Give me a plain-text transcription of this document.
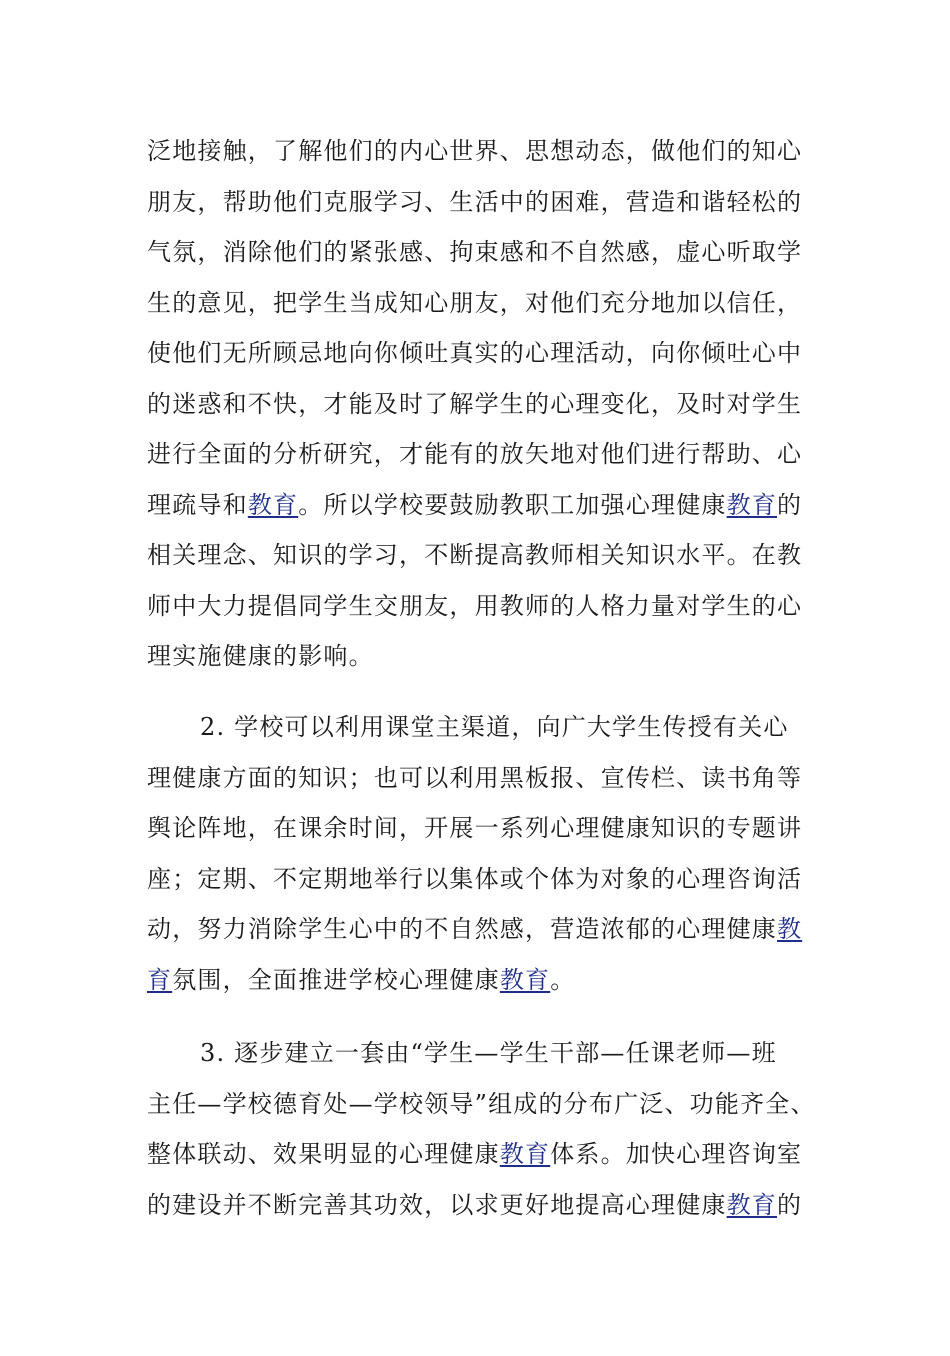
泛地接触，了解他们的内心世界、思想动态，做他们的知心
朋友，帮助他们克服学习、生活中的困难，营造和谐轻松的
气氛，消除他们的紧张感、拘束感和不自然感，虚心听取学
生的意见，把学生当成知心朋友，对他们充分地加以信任，
使他们无所顾忌地向你倾吐真实的心理活动，向你倾吐心中
的迷惑和不快，才能及时了解学生的心理变化，及时对学生
进行全面的分析研究，才能有的放矢地对他们进行帮助、心
理疏导和教育。所以学校要鼓励教职工加强心理健康教育的
相关理念、知识的学习，不断提高教师相关知识水平。在教
师中大力提倡同学生交朋友，用教师的人格力量对学生的心
理实施健康的影响。
2. 学校可以利用课堂主渠道，向广大学生传授有关心
理健康方面的知识；也可以利用黑板报、宣传栏、读书角等
舆论阵地，在课余时间，开展一系列心理健康知识的专题讲
座；定期、不定期地举行以集体或个体为对象的心理咨询活
动，努力消除学生心中的不自然感，营造浓郁的心理健康教
育氛围，全面推进学校心理健康教育。
3. 逐步建立一套由“学生—学生干部—任课老师—班
主任—学校德育处—学校领导”组成的分布广泛、功能齐全、
整体联动、效果明显的心理健康教育体系。加快心理咨询室
的建设并不断完善其功效，以求更好地提高心理健康教育的
